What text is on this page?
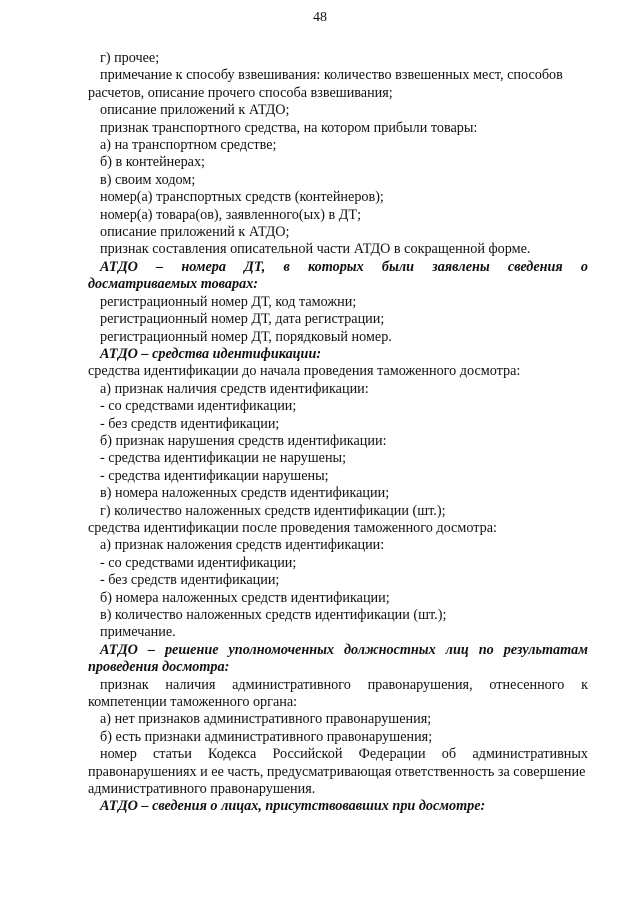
48

г) прочее;

примечание к способу взвешивания: количество взвешенных мест, способов

расчетов, описание прочего способа взвешивания;

описание приложений к АТДО;

признак транспортного средства, на котором прибыли товары:

а) на транспортном средстве;

б) в контейнерах;

в) своим ходом;

номер(а) транспортных средств (контейнеров);

номер(а) товара(ов), заявленного(ых) в ДТ;

описание приложений к АТДО;

признак составления описательной части АТДО в сокращенной форме.

АТДО – номера ДТ, в которых были заявлены сведения о
досматриваемых товарах:

регистрационный номер ДТ, код таможни;

регистрационный номер ДТ, дата регистрации;

регистрационный номер ДТ, порядковый номер.

АТДО – средства идентификации:

средства идентификации до начала проведения таможенного досмотра:

а) признак наличия средств идентификации:

- со средствами идентификации;

- без средств идентификации;

б) признак нарушения средств идентификации:

- средства идентификации не нарушены;

- средства идентификации нарушены;

в) номера наложенных средств идентификации;

г) количество наложенных средств идентификации (шт.);

средства идентификации после проведения таможенного досмотра:

а) признак наложения средств идентификации:

- со средствами идентификации;

- без средств идентификации;

б) номера наложенных средств идентификации;

в) количество наложенных средств идентификации (шт.);

примечание.

АТДО – решение уполномоченных должностных лиц по результатам
проведения досмотра:

признак наличия административного правонарушения, отнесенного к
компетенции таможенного органа:

а) нет признаков административного правонарушения;

б) есть признаки административного правонарушения;

номер статьи Кодекса Российской Федерации об административных
правонарушениях и ее часть, предусматривающая ответственность за совершение
административного правонарушения.

АТДО – сведения о лицах, присутствовавших при досмотре:
